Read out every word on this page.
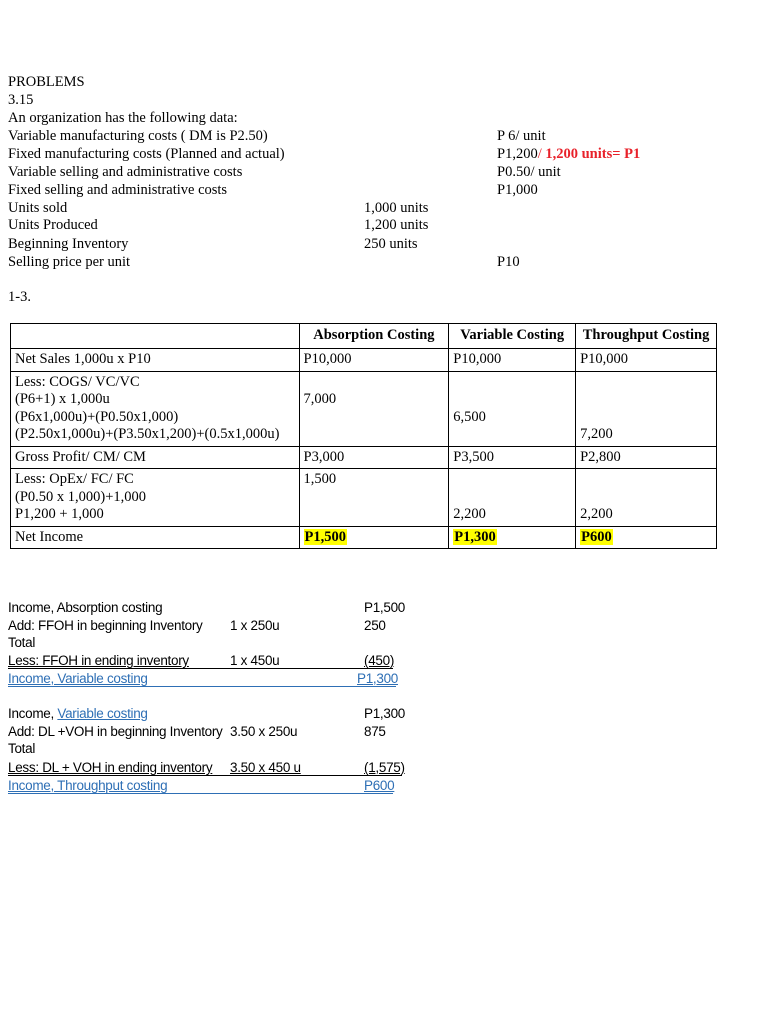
PROBLEMS
3.15
An organization has the following data:
Variable manufacturing costs ( DM is P2.50)	P 6/ unit
Fixed manufacturing costs (Planned and actual)	P1,200/ 1,200 units= P1
Variable selling and administrative costs	P0.50/ unit
Fixed selling and administrative costs	P1,000
Units sold	1,000 units
Units Produced	1,200 units
Beginning Inventory	250 units
Selling price per unit	P10
1-3.
	Absorption Costing	Variable Costing	Throughput Costing
Net Sales 1,000u x P10	P10,000	P10,000	P10,000

Less: COGS/ VC/VC
(P6+1) x 1,000u
(P6x1,000u)+(P0.50x1,000)
(P2.50x1,000u)+(P3.50x1,200)+(0.5x1,000u)	7,000	6,500	7,200

Gross Profit/ CM/ CM	P3,000	P3,500	P2,800

Less: OpEx/ FC/ FC
(P0.50 x 1,000)+1,000
P1,200 + 1,000	1,500	2,200	2,200

Net Income	P1,500	P1,300	P600
Income, Absorption costing	P1,500
Add: FFOH in beginning Inventory 1 x 250u	250
Total
Less: FFOH in ending inventory	1 x 450u	(450)
Income, Variable costing	P1,300
Income, Variable costing	P1,300
Add: DL +VOH in beginning Inventory 3.50 x 250u	875
Total
Less: DL + VOH in ending inventory 3.50 x 450 u	(1,575)
Income, Throughput costing	P600
